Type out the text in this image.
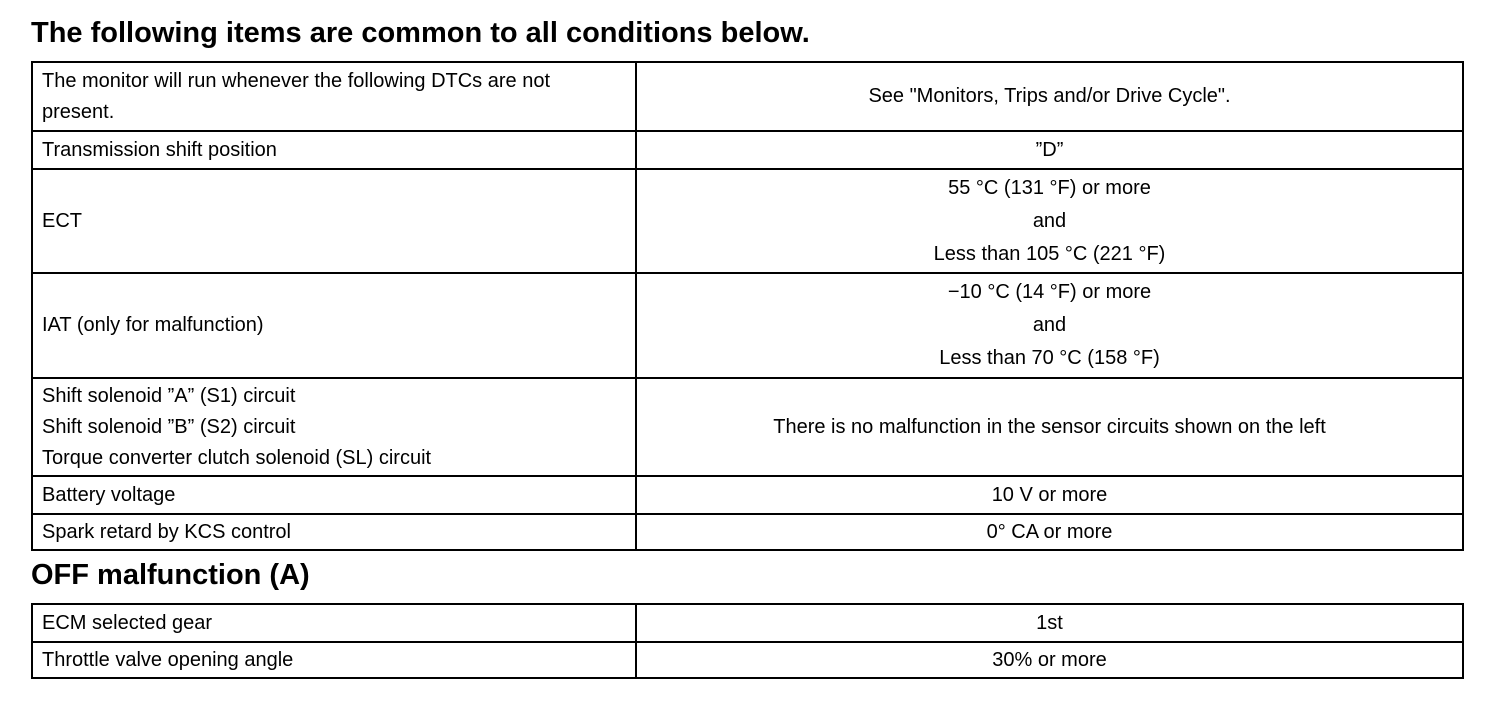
The following items are common to all conditions below.
The monitor will run whenever the following DTCs are not present.	See "Monitors, Trips and/or Drive Cycle".
Transmission shift position	”D”
ECT	55 °C (131 °F) or more
and
Less than 105 °C (221 °F)

IAT (only for malfunction)	−10 °C (14 °F) or more
and
Less than 70 °C (158 °F)

Shift solenoid ”A” (S1) circuit
Shift solenoid ”B” (S2) circuit
Torque converter clutch solenoid (SL) circuit	There is no malfunction in the sensor circuits shown on the left
Battery voltage	10 V or more
Spark retard by KCS control	0° CA or more
OFF malfunction (A)
ECM selected gear	1st
Throttle valve opening angle	30% or more
